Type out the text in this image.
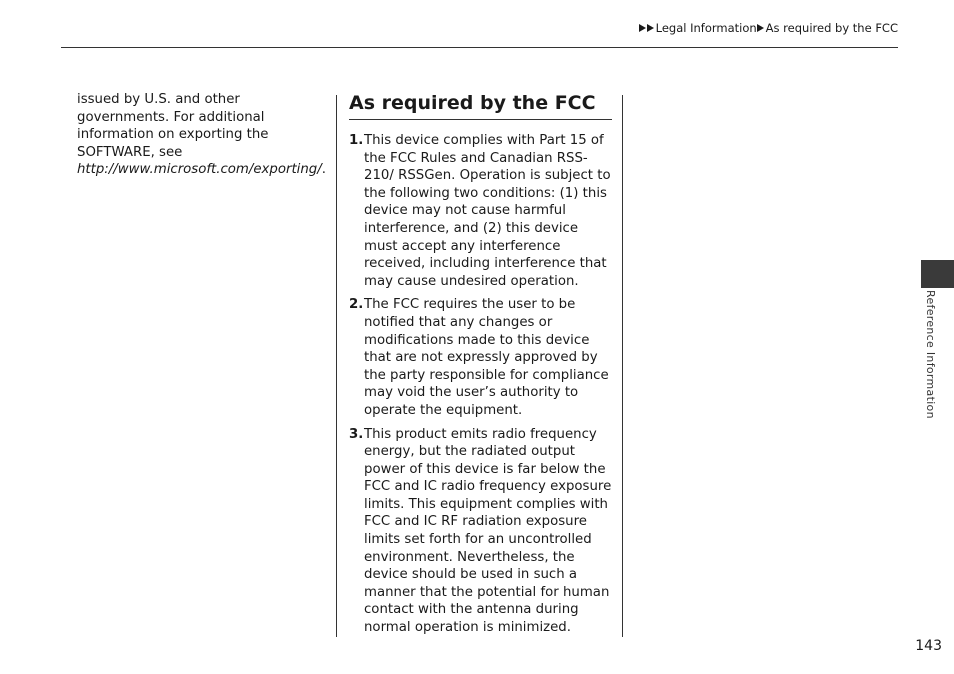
Legal Information As required by the FCC
issued by U.S. and other governments. For additional information on exporting the SOFTWARE, see http://www.microsoft.com/exporting/.
As required by the FCC
1. This device complies with Part 15 of the FCC Rules and Canadian RSS-210/ RSSGen. Operation is subject to the following two conditions: (1) this device may not cause harmful interference, and (2) this device must accept any interference received, including interference that may cause undesired operation.
2. The FCC requires the user to be notified that any changes or modifications made to this device that are not expressly approved by the party responsible for compliance may void the user’s authority to operate the equipment.
3. This product emits radio frequency energy, but the radiated output power of this device is far below the FCC and IC radio frequency exposure limits. This equipment complies with FCC and IC RF radiation exposure limits set forth for an uncontrolled environment. Nevertheless, the device should be used in such a manner that the potential for human contact with the antenna during normal operation is minimized.
Reference Information
143
